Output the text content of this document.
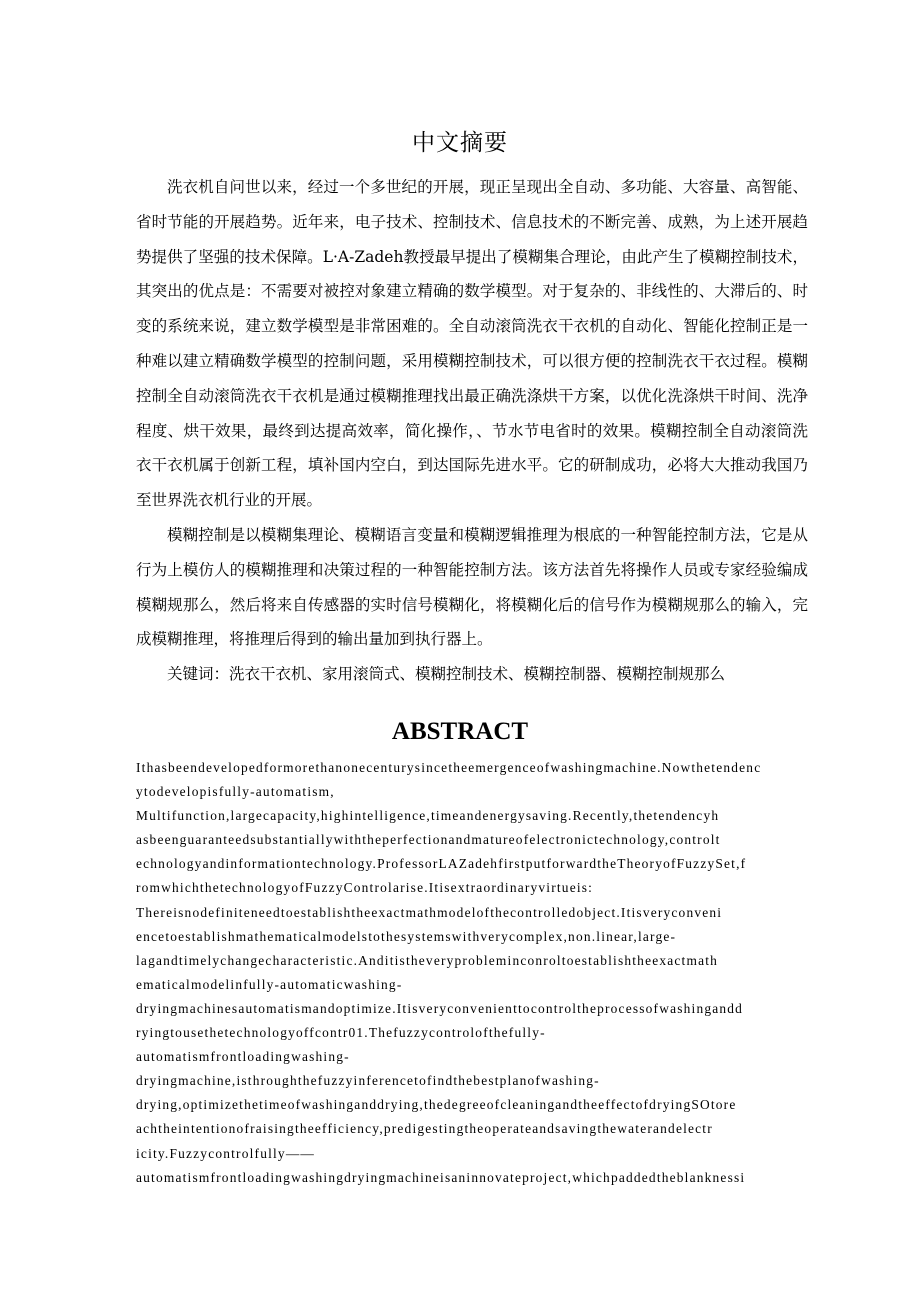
中文摘要

洗衣机自问世以来，经过一个多世纪的开展，现正呈现出全自动、多功能、大容量、高智能、省时节能的开展趋势。近年来，电子技术、控制技术、信息技术的不断完善、成熟，为上述开展趋势提供了坚强的技术保障。L·A-Zadeh教授最早提出了模糊集合理论，由此产生了模糊控制技术，其突出的优点是：不需要对被控对象建立精确的数学模型。对于复杂的、非线性的、大滞后的、时变的系统来说，建立数学模型是非常困难的。全自动滚筒洗衣干衣机的自动化、智能化控制正是一种难以建立精确数学模型的控制问题，采用模糊控制技术，可以很方便的控制洗衣干衣过程。模糊控制全自动滚筒洗衣干衣机是通过模糊推理找出最正确洗涤烘干方案，以优化洗涤烘干时间、洗净程度、烘干效果，最终到达提高效率，简化操作，、节水节电省时的效果。模糊控制全自动滚筒洗衣干衣机属于创新工程，填补国内空白，到达国际先进水平。它的研制成功，必将大大推动我国乃至世界洗衣机行业的开展。

模糊控制是以模糊集理论、模糊语言变量和模糊逻辑推理为根底的一种智能控制方法，它是从行为上模仿人的模糊推理和决策过程的一种智能控制方法。该方法首先将操作人员或专家经验编成模糊规那么，然后将来自传感器的实时信号模糊化，将模糊化后的信号作为模糊规那么的输入，完成模糊推理，将推理后得到的输出量加到执行器上。

关键词：洗衣干衣机、家用滚筒式、模糊控制技术、模糊控制器、模糊控制规那么

ABSTRACT
Ithasbeendevelopedformorethanonecenturysincetheemergenceofwashingmachine.Nowthetendenc
ytodevelopisfully-automatism,
Multifunction,largecapacity,highintelligence,timeandenergysaving.Recently,thetendencyh
asbeenguaranteedsubstantiallywiththeperfectionandmatureofelectronictechnology,controlt
echnologyandinformationtechnology.ProfessorLAZadehfirstputforwardtheTheoryofFuzzySet,f
romwhichthetechnologyofFuzzyControlarise.Itisextraordinaryvirtueis:
Thereisnodefiniteneedtoestablishtheexactmathmodelofthecontrolledobject.Itisveryconveni
encetoestablishmathematicalmodelstothesystemswithverycomplex,non.linear,large-
lagandtimelychangecharacteristic.Anditistheveryprobleminconroltoestablishtheexactmath
ematicalmodelinfully-automaticwashing-
dryingmachinesautomatismandoptimize.Itisveryconvenienttocontroltheprocessofwashingandd
ryingtousethetechnologyoffcontr01.Thefuzzycontrolofthefully-
automatismfrontloadingwashing-
dryingmachine,isthroughthefuzzyinferencetofindthebestplanofwashing-
drying,optimizethetimeofwashinganddrying,thedegreeofcleaningandtheeffectofdryingSOtore
achtheintentionofraisingtheefficiency,predigestingtheoperateandsavingthewaterandelectr
icity.Fuzzycontrolfully——
automatismfrontloadingwashingdryingmachineisaninnovateproject,whichpaddedtheblanknessi
